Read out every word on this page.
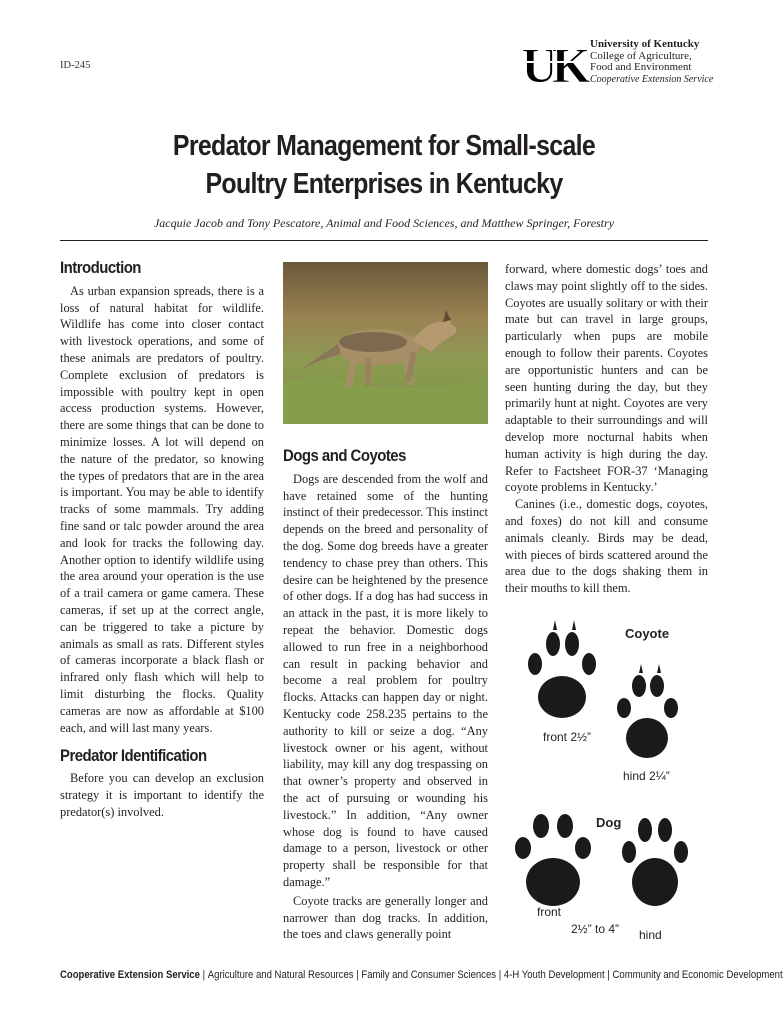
ID-245	UK University of Kentucky
College of Agriculture,
Food and Environment
Cooperative Extension Service
Predator Management for Small-scale
Poultry Enterprises in Kentucky
Jacquie Jacob and Tony Pescatore, Animal and Food Sciences, and Matthew Springer, Forestry
Introduction

As urban expansion spreads, there is a loss of natural habitat for wildlife. Wildlife has come into closer contact with livestock operations, and some of these animals are predators of poultry. Complete exclusion of predators is impossible with poultry kept in open access production systems. However, there are some things that can be done to minimize losses. A lot will depend on the nature of the predator, so knowing the types of predators that are in the area is important. You may be able to identify tracks of some mammals. Try adding fine sand or talc powder around the area and look for tracks the following day. Another option to identify wildlife using the area around your operation is the use of a trail camera or game camera. These cameras, if set up at the correct angle, can be triggered to take a picture by animals as small as rats. Different styles of cameras incorporate a black flash or infrared only flash which will help to limit disturbing the flocks. Quality cameras are now as affordable at $100 each, and will last many years.

Predator Identification

Before you can develop an exclusion strategy it is important to identify the predator(s) involved.

Dogs and Coyotes

Dogs are descended from the wolf and have retained some of the hunting instinct of their predecessor. This instinct depends on the breed and personality of the dog. Some dog breeds have a greater tendency to chase prey than others. This desire can be heightened by the presence of other dogs. If a dog has had success in an attack in the past, it is more likely to repeat the behavior. Domestic dogs allowed to run free in a neighborhood can result in packing behavior and become a real problem for poultry flocks. Attacks can happen day or night. Kentucky code 258.235 pertains to the authority to kill or seize a dog. “Any livestock owner or his agent, without liability, may kill any dog trespassing on that owner’s property and observed in the act of pursuing or wounding his livestock.” In addition, “Any owner whose dog is found to have caused damage to a person, livestock or other property shall be responsible for that damage.”

Coyote tracks are generally longer and narrower than dog tracks. In addition, the toes and claws generally point

forward, where domestic dogs’ toes and claws may point slightly off to the sides. Coyotes are usually solitary or with their mate but can travel in large groups, particularly when pups are mobile enough to follow their parents. Coyotes are opportunistic hunters and can be seen hunting during the day, but they primarily hunt at night. Coyotes are very adaptable to their surroundings and will develop more nocturnal habits when human activity is high during the day. Refer to Factsheet FOR-37 ‘Managing coyote problems in Kentucky.’

Canines (i.e., domestic dogs, coyotes, and foxes) do not kill and consume animals cleanly. Birds may be dead, with pieces of birds scattered around the area due to the dogs shaking them in their mouths to kill them.

Coyote
front 2½”
hind 2¼”
Dog
front
2½” to 4” hind
Cooperative Extension Service | Agriculture and Natural Resources | Family and Consumer Sciences | 4-H Youth Development | Community and Economic Development
